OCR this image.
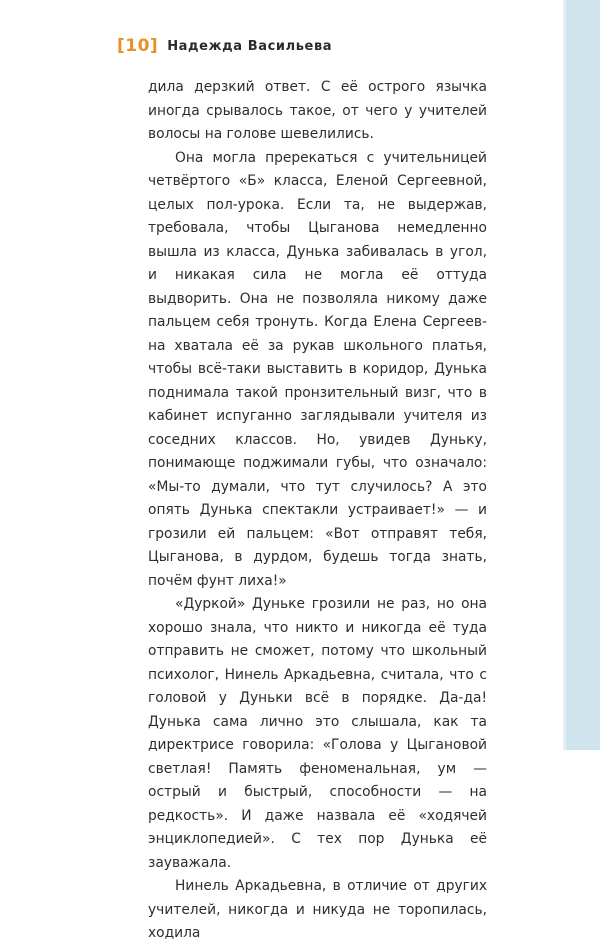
[10] Надежда Васильева

дила дерзкий ответ. С её острого язычка иногда срывалось такое, от чего у учителей волосы на голове шевелились.

Она могла пререкаться с учительницей четвёртого «Б» класса, Еленой Сергеевной, целых пол-урока. Если та, не выдержав, требовала, чтобы Цыганова немедленно вышла из класса, Дунька забивалась в угол, и никакая сила не могла её оттуда выдворить. Она не позволяла никому даже пальцем себя тронуть. Когда Елена Сергеевна хватала её за рукав школьного платья, чтобы всё-таки выставить в коридор, Дунька поднимала такой пронзительный визг, что в кабинет испуганно заглядывали учителя из соседних классов. Но, увидев Дуньку, понимающе поджимали губы, что означало: «Мы-то думали, что тут случилось? А это опять Дунька спектакли устраивает!» — и грозили ей пальцем: «Вот отправят тебя, Цыганова, в дурдом, будешь тогда знать, почём фунт лиха!»

«Дуркой» Дуньке грозили не раз, но она хорошо знала, что никто и никогда её туда отправить не сможет, потому что школьный психолог, Нинель Аркадьевна, считала, что с головой у Дуньки всё в порядке. Да-да! Дунька сама лично это слышала, как та директрисе говорила: «Голова у Цыгановой светлая! Память феноменальная, ум — острый и быстрый, способности — на редкость». И даже назвала её «ходячей энциклопедией». С тех пор Дунька её зауважала.

Нинель Аркадьевна, в отличие от других учителей, никогда и никуда не торопилась, ходила
